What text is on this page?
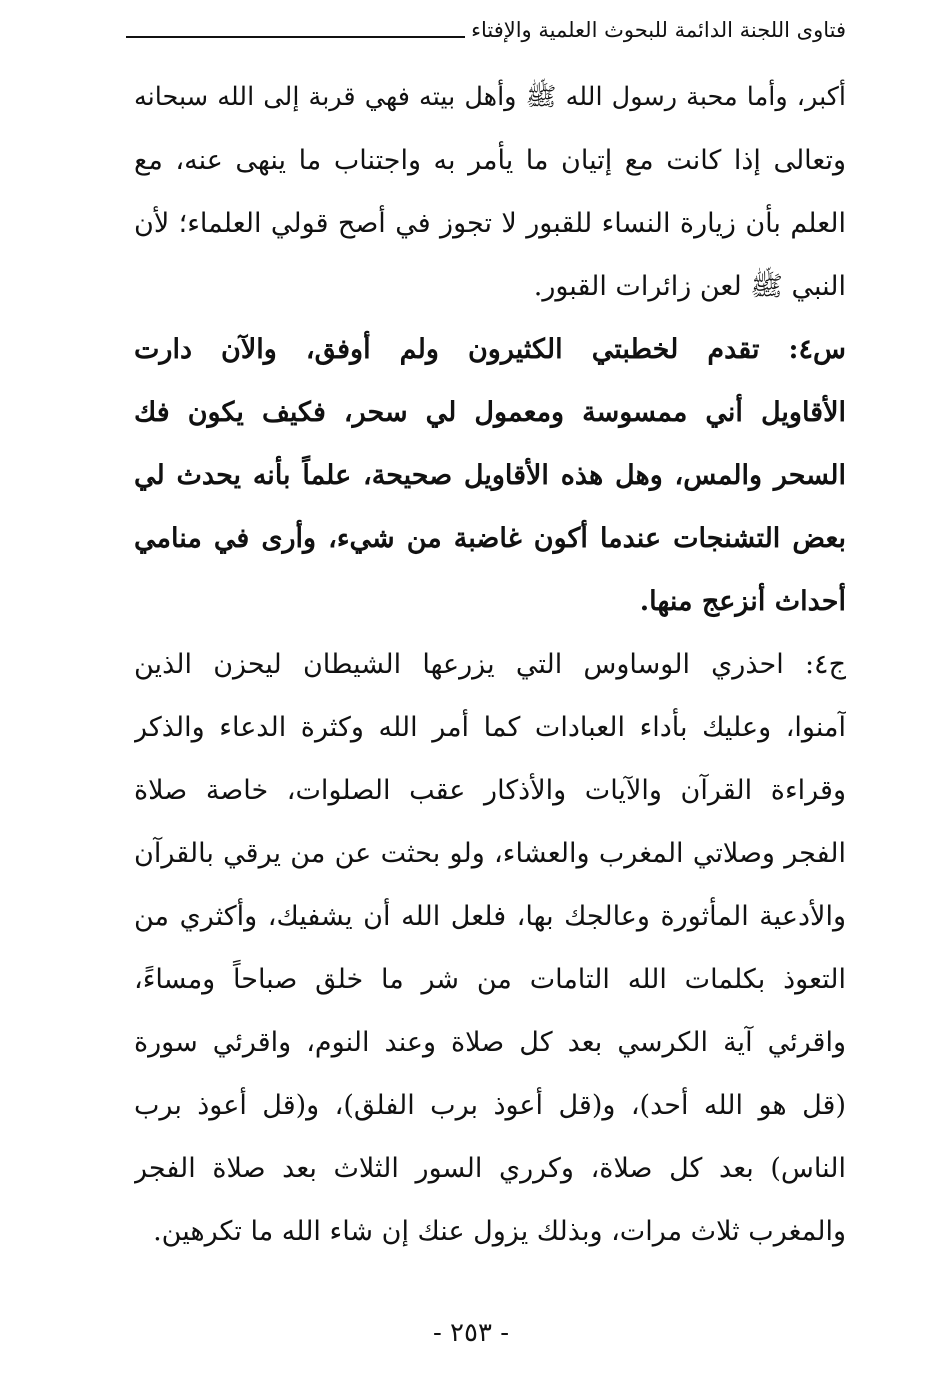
فتاوى اللجنة الدائمة للبحوث العلمية والإفتاء
أكبر، وأما محبة رسول الله ﷺ وأهل بيته فهي قربة إلى الله سبحانه
وتعالى إذا كانت مع إتيان ما يأمر به واجتناب ما ينهى عنه، مع
العلم بأن زيارة النساء للقبور لا تجوز في أصح قولي العلماء؛ لأن
النبي ﷺ لعن زائرات القبور.
س٤: تقدم لخطبتي الكثيرون ولم أوفق، والآن دارت
الأقاويل أني ممسوسة ومعمول لي سحر، فكيف يكون فك
السحر والمس، وهل هذه الأقاويل صحيحة، علماً بأنه يحدث لي
بعض التشنجات عندما أكون غاضبة من شيء، وأرى في منامي
أحداث أنزعج منها.
ج٤: احذري الوساوس التي يزرعها الشيطان ليحزن الذين
آمنوا، وعليك بأداء العبادات كما أمر الله وكثرة الدعاء والذكر
وقراءة القرآن والآيات والأذكار عقب الصلوات، خاصة صلاة
الفجر وصلاتي المغرب والعشاء، ولو بحثت عن من يرقي بالقرآن
والأدعية المأثورة وعالجك بها، فلعل الله أن يشفيك، وأكثري من
التعوذ بكلمات الله التامات من شر ما خلق صباحاً ومساءً،
واقرئي آية الكرسي بعد كل صلاة وعند النوم، واقرئي سورة
(قل هو الله أحد)، و(قل أعوذ برب الفلق)، و(قل أعوذ برب
الناس) بعد كل صلاة، وكرري السور الثلاث بعد صلاة الفجر
والمغرب ثلاث مرات، وبذلك يزول عنك إن شاء الله ما تكرهين.
- ٢٥٣ -
